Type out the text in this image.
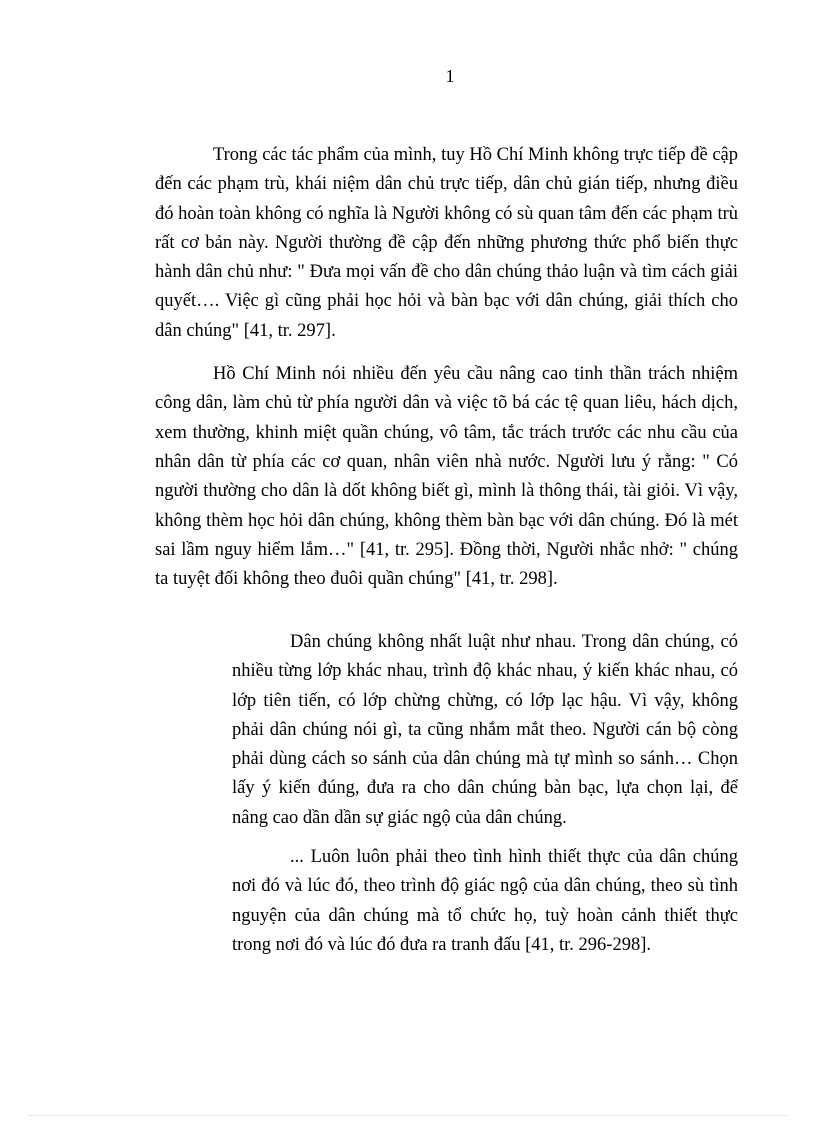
1

Trong các tác phẩm của mình, tuy Hồ Chí Minh không trực tiếp đề cập đến các phạm trù, khái niệm dân chủ trực tiếp, dân chủ gián tiếp, nhưng điều đó hoàn toàn không có nghĩa là Người không có sù quan tâm đến các phạm trù rất cơ bản này. Người thường đề cập đến những phương thức phổ biến thực hành dân chủ như: " Đưa mọi vấn đề cho dân chúng thảo luận và tìm cách giải quyết…. Việc gì cũng phải học hỏi và bàn bạc với dân chúng, giải thích cho dân chúng" [41, tr. 297].

Hồ Chí Minh nói nhiều đến yêu cầu nâng cao tinh thần trách nhiệm công dân, làm chủ từ phía người dân và việc tõ bá các tệ quan liêu, hách dịch, xem thường, khinh miệt quần chúng, vô tâm, tắc trách trước các nhu cầu của nhân dân từ phía các cơ quan, nhân viên nhà nước. Người lưu ý rằng: " Có người thường cho dân là dốt không biết gì, mình là thông thái, tài giỏi. Vì vậy, không thèm học hỏi dân chúng, không thèm bàn bạc với dân chúng. Đó là mét sai lầm nguy hiểm lắm…" [41, tr. 295]. Đồng thời, Người nhắc nhở: " chúng ta tuyệt đối không theo đuôi quần chúng" [41, tr. 298].

Dân chúng không nhất luật như nhau. Trong dân chúng, có nhiều từng lớp khác nhau, trình độ khác nhau, ý kiến khác nhau, có lớp tiên tiến, có lớp chừng chừng, có lớp lạc hậu. Vì vậy, không phải dân chúng nói gì, ta cũng nhắm mắt theo. Người cán bộ còng phải dùng cách so sánh của dân chúng mà tự mình so sánh… Chọn lấy ý kiến đúng, đưa ra cho dân chúng bàn bạc, lựa chọn lại, để nâng cao dần dần sự giác ngộ của dân chúng.

... Luôn luôn phải theo tình hình thiết thực của dân chúng nơi đó và lúc đó, theo trình độ giác ngộ của dân chúng, theo sù tình nguyện của dân chúng mà tổ chức họ, tuỳ hoàn cảnh thiết thực trong nơi đó và lúc đó đưa ra tranh đấu [41, tr. 296-298].
